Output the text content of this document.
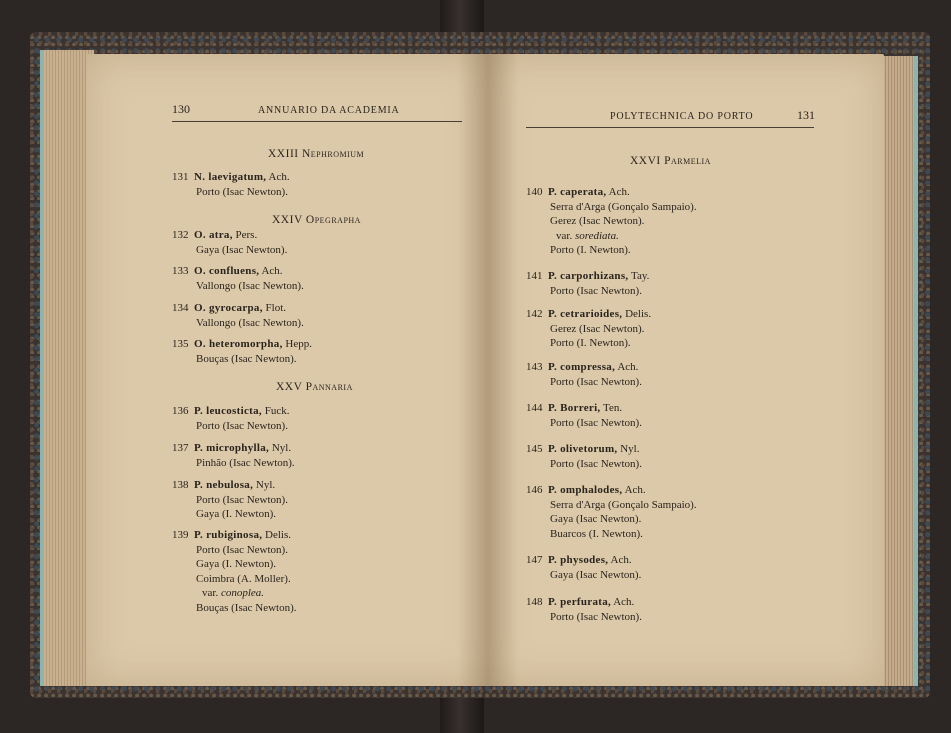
130	ANNUARIO DA ACADEMIA
XXIII Nephromium
131 N. laevigatum, Ach.
Porto (Isac Newton).
XXIV Opegrapha
132 O. atra, Pers.
Gaya (Isac Newton).
133 O. confluens, Ach.
Vallongo (Isac Newton).
134 O. gyrocarpa, Flot.
Vallongo (Isac Newton).
135 O. heteromorpha, Hepp.
Bouças (Isac Newton).
XXV Pannaria
136 P. leucosticta, Fuck.
Porto (Isac Newton).
137 P. microphylla, Nyl.
Pinhão (Isac Newton).
138 P. nebulosa, Nyl.
Porto (Isac Newton).
Gaya (I. Newton).
139 P. rubiginosa, Delis.
Porto (Isac Newton).
Gaya (I. Newton).
Coimbra (A. Moller).
var. conoplea.
Bouças (Isac Newton).
POLYTECHNICA DO PORTO	131
XXVI Parmelia
140 P. caperata, Ach.
Serra d'Arga (Gonçalo Sampaio).
Gerez (Isac Newton).
var. sorediata.
Porto (I. Newton).
141 P. carporhizans, Tay.
Porto (Isac Newton).
142 P. cetrarioides, Delis.
Gerez (Isac Newton).
Porto (I. Newton).
143 P. compressa, Ach.
Porto (Isac Newton).
144 P. Borreri, Ten.
Porto (Isac Newton).
145 P. olivetorum, Nyl.
Porto (Isac Newton).
146 P. omphalodes, Ach.
Serra d'Arga (Gonçalo Sampaio).
Gaya (Isac Newton).
Buarcos (I. Newton).
147 P. physodes, Ach.
Gaya (Isac Newton).
148 P. perfurata, Ach.
Porto (Isac Newton).
